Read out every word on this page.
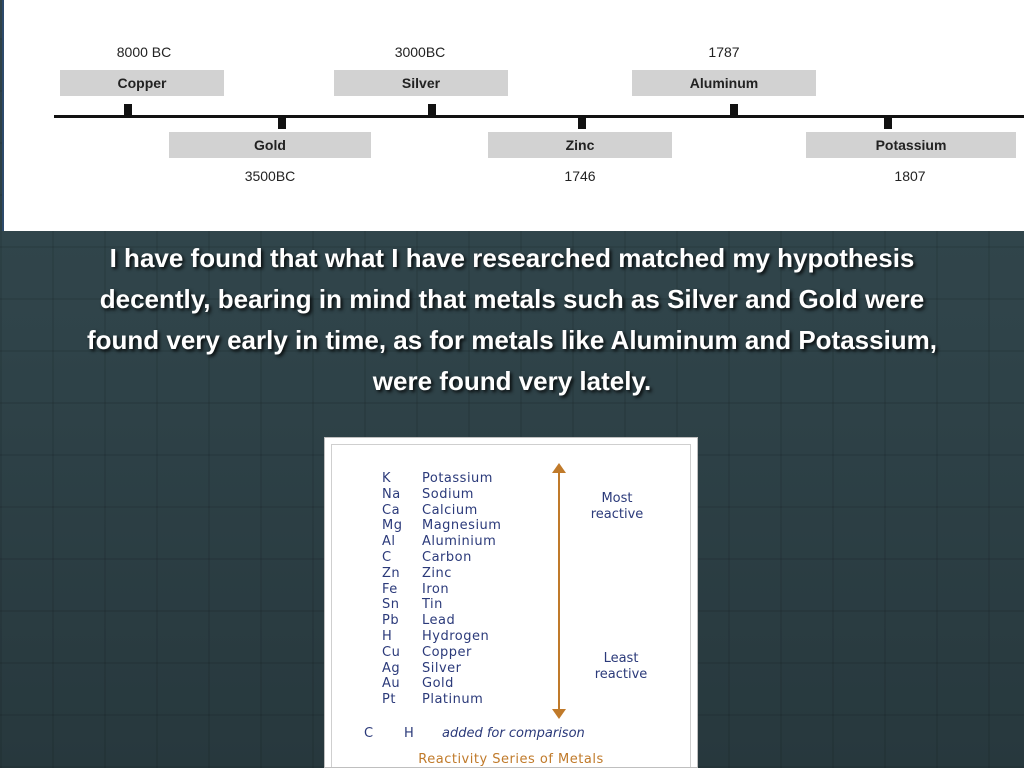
8000 BC
Copper
3000BC
Silver
1787
Aluminum
Gold
3500BC
Zinc
1746
Potassium
1807

I have found that what I have researched matched my hypothesis decently, bearing in mind that metals such as Silver and Gold were found very early in time, as for metals like Aluminum and Potassium, were found very lately.

K	Potassium
Na	Sodium
Ca	Calcium
Mg	Magnesium
Al	Aluminium
C	Carbon
Zn	Zinc
Fe	Iron
Sn	Tin
Pb	Lead
H	Hydrogen
Cu	Copper
Ag	Silver
Au	Gold
Pt	Platinum
Most
reactive
Least
reactive
C H added for comparison
Reactivity Series of Metals
